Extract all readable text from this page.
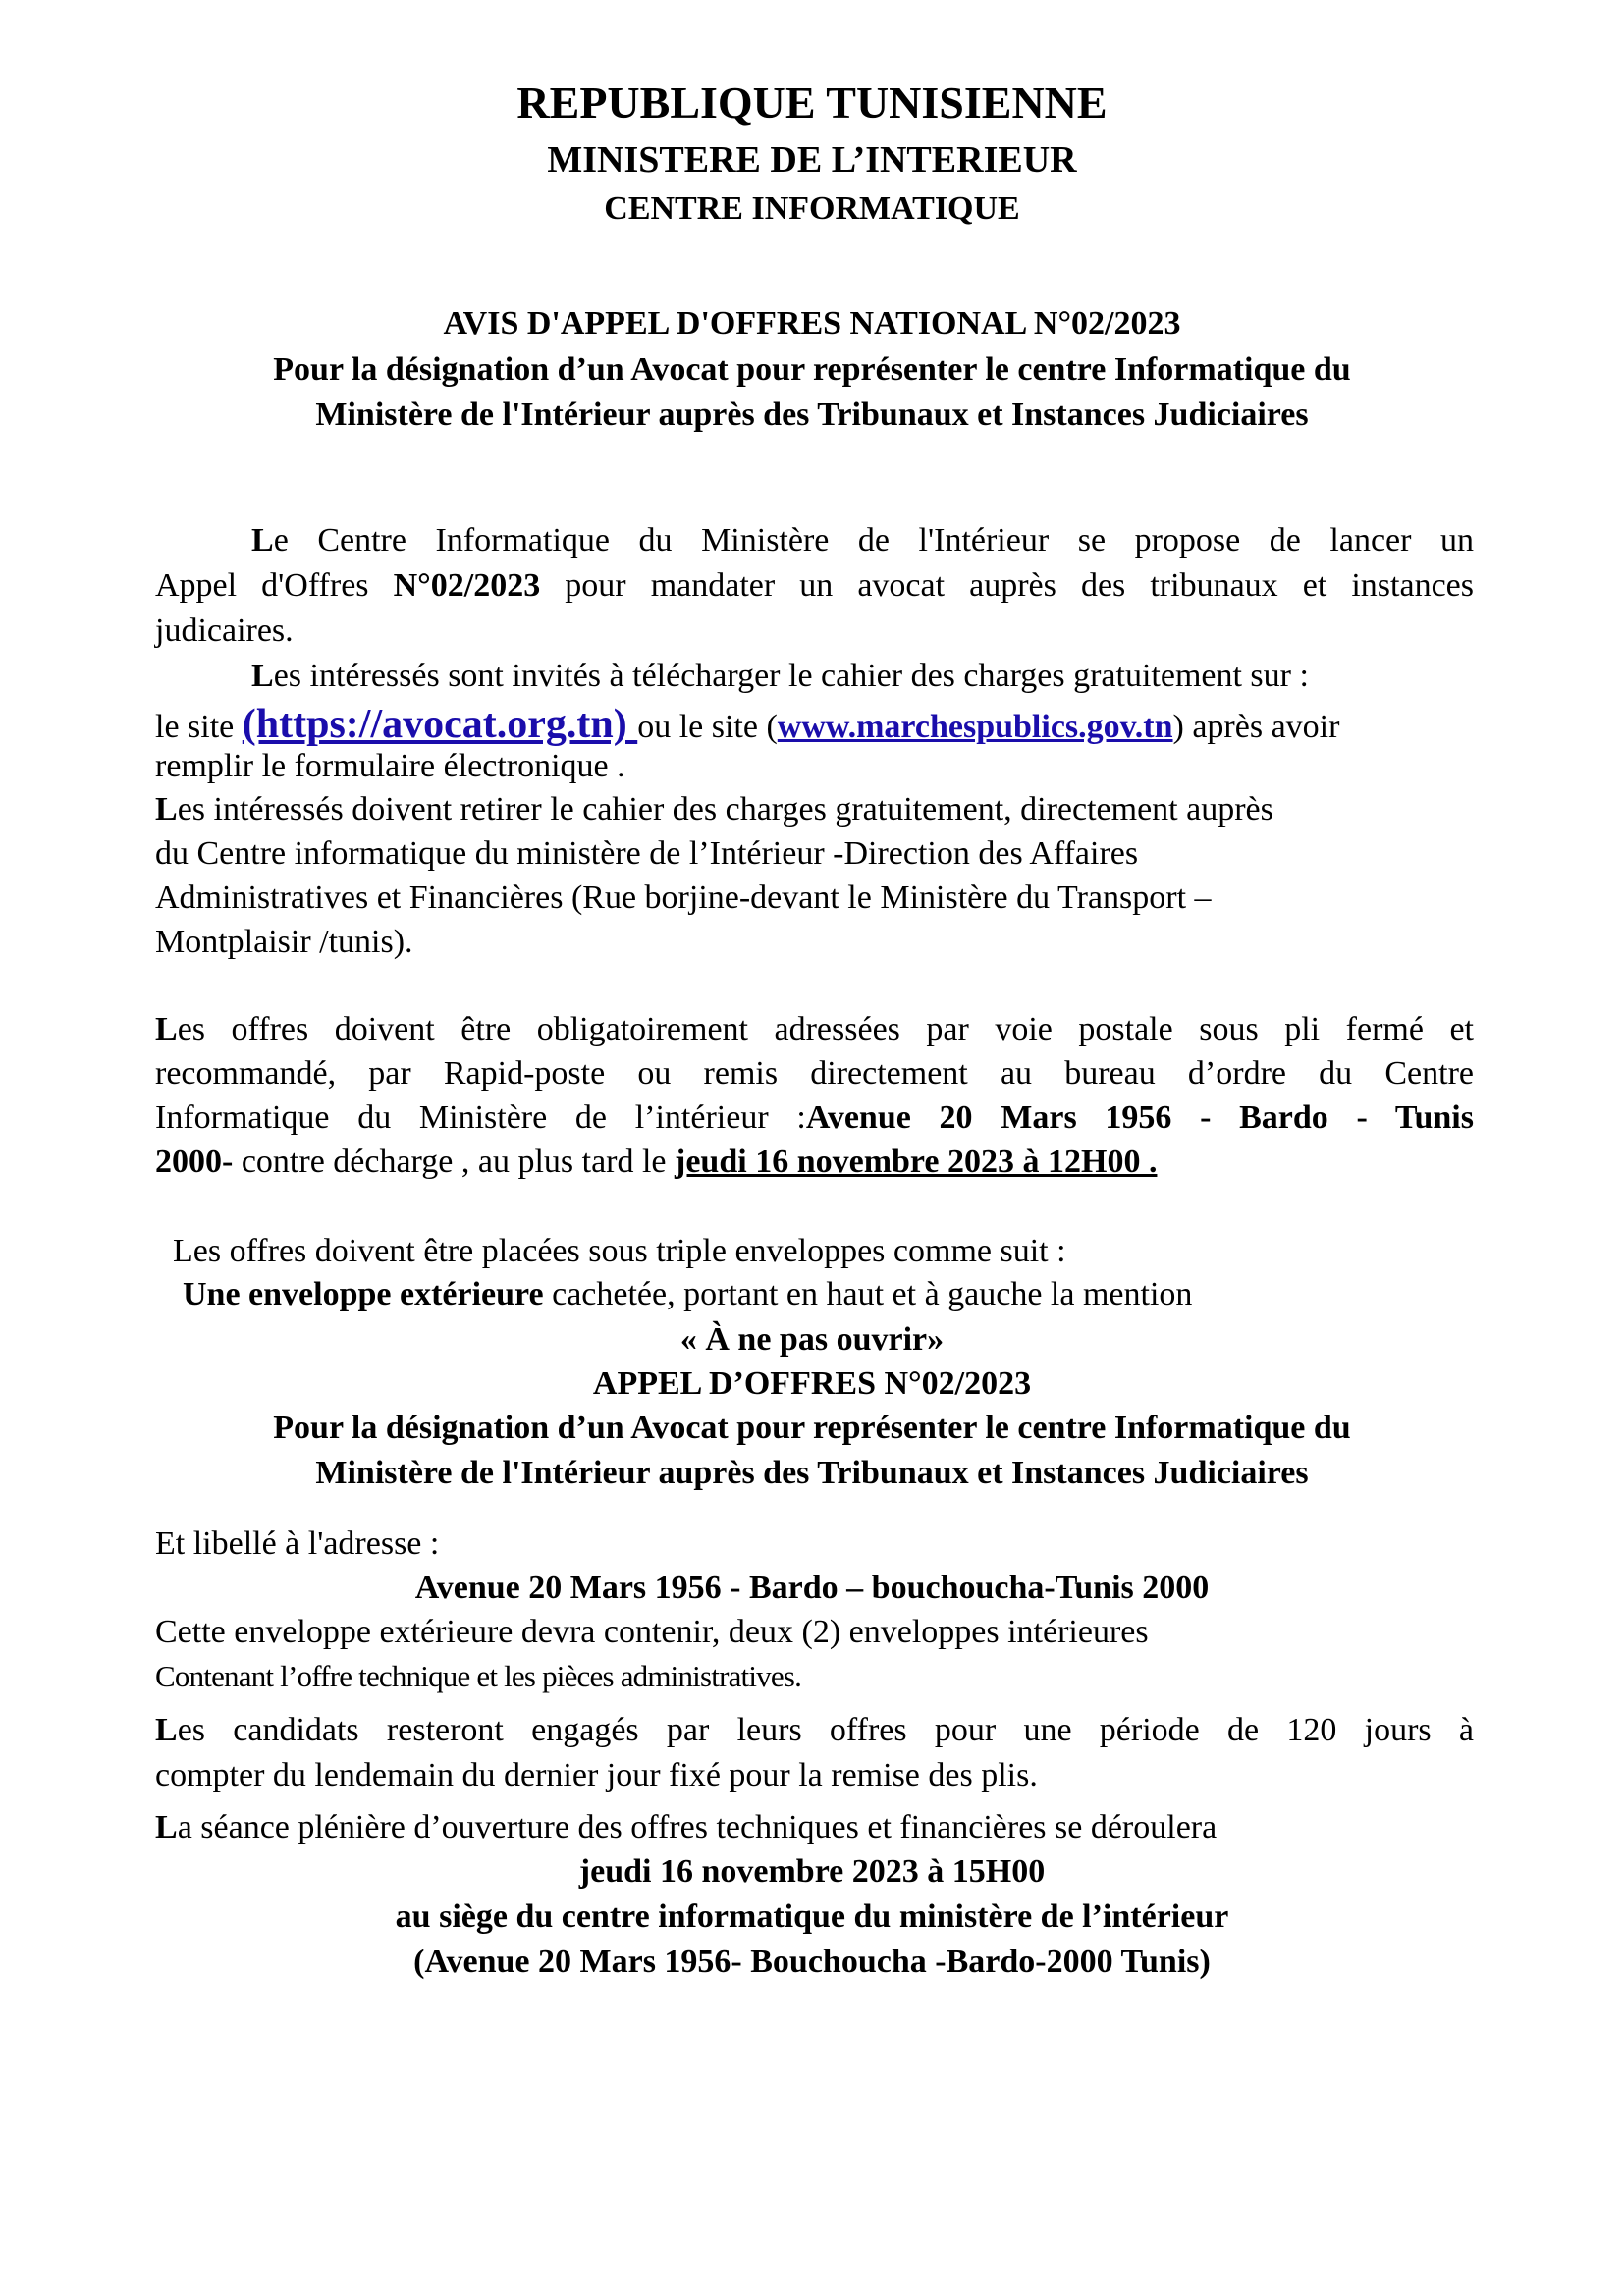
REPUBLIQUE TUNISIENNE

MINISTERE DE L’INTERIEUR

CENTRE INFORMATIQUE

AVIS D'APPEL D'OFFRES NATIONAL N°02/2023

Pour la désignation d’un Avocat pour représenter le centre Informatique du

Ministère de l'Intérieur auprès des Tribunaux et Instances Judiciaires

Le Centre Informatique du Ministère de l'Intérieur se propose de lancer un

Appel d'Offres N°02/2023 pour mandater un avocat auprès des tribunaux et instances

judicaires.

Les intéressés sont invités à télécharger le cahier des charges gratuitement sur :

le site (https://avocat.org.tn) ou le site (www.marchespublics.gov.tn) après avoir

remplir le formulaire électronique .

Les intéressés doivent retirer le cahier des charges gratuitement, directement auprès

du Centre informatique du ministère de l’Intérieur -Direction des Affaires

Administratives et Financières (Rue borjine-devant le Ministère du Transport –

Montplaisir /tunis).

Les offres doivent être obligatoirement adressées par voie postale sous pli fermé et

recommandé, par Rapid-poste ou remis directement au bureau d’ordre du Centre

Informatique du Ministère de l’intérieur :Avenue 20 Mars 1956 - Bardo - Tunis

2000- contre décharge , au plus tard le jeudi 16 novembre 2023 à 12H00 .

Les offres doivent être placées sous triple enveloppes comme suit :

Une enveloppe extérieure cachetée, portant en haut et à gauche la mention

« À ne pas ouvrir»

APPEL D’OFFRES N°02/2023

Pour la désignation d’un Avocat pour représenter le centre Informatique du

Ministère de l'Intérieur auprès des Tribunaux et Instances Judiciaires

Et libellé à l'adresse :

Avenue 20 Mars 1956 - Bardo – bouchoucha-Tunis 2000

Cette enveloppe extérieure devra contenir, deux (2) enveloppes intérieures

Contenant l’offre technique et les pièces administratives.

Les candidats resteront engagés par leurs offres pour une période de 120 jours à

compter du lendemain du dernier jour fixé pour la remise des plis.

La séance plénière d’ouverture des offres techniques et financières se déroulera

jeudi 16 novembre 2023 à 15H00

au siège du centre informatique du ministère de l’intérieur

(Avenue 20 Mars 1956- Bouchoucha -Bardo-2000 Tunis)
